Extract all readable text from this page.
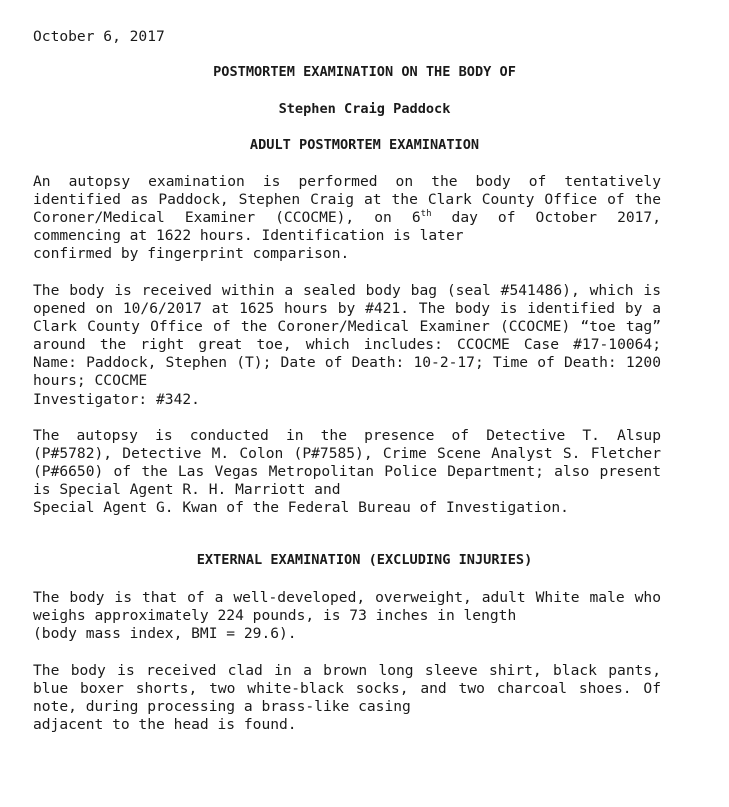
October 6, 2017

POSTMORTEM EXAMINATION ON THE BODY OF

Stephen Craig Paddock

ADULT POSTMORTEM EXAMINATION

An autopsy examination is performed on the body of tentatively identified as Paddock, Stephen Craig at the Clark County Office of the Coroner/Medical Examiner (CCOCME), on 6th day of October 2017, commencing at 1622 hours. Identification is later
confirmed by fingerprint comparison.

The body is received within a sealed body bag (seal #541486), which is opened on 10/6/2017 at 1625 hours by #421. The body is identified by a Clark County Office of the Coroner/Medical Examiner (CCOCME) “toe tag” around the right great toe, which includes: CCOCME Case #17-10064; Name: Paddock, Stephen (T); Date of Death: 10-2-17; Time of Death: 1200 hours; CCOCME
Investigator: #342.

The autopsy is conducted in the presence of Detective T. Alsup (P#5782), Detective M. Colon (P#7585), Crime Scene Analyst S. Fletcher (P#6650) of the Las Vegas Metropolitan Police Department; also present is Special Agent R. H. Marriott and
Special Agent G. Kwan of the Federal Bureau of Investigation.

EXTERNAL EXAMINATION (EXCLUDING INJURIES)

The body is that of a well-developed, overweight, adult White male who weighs approximately 224 pounds, is 73 inches in length
(body mass index, BMI = 29.6).

The body is received clad in a brown long sleeve shirt, black pants, blue boxer shorts, two white-black socks, and two charcoal shoes. Of note, during processing a brass-like casing
adjacent to the head is found.
